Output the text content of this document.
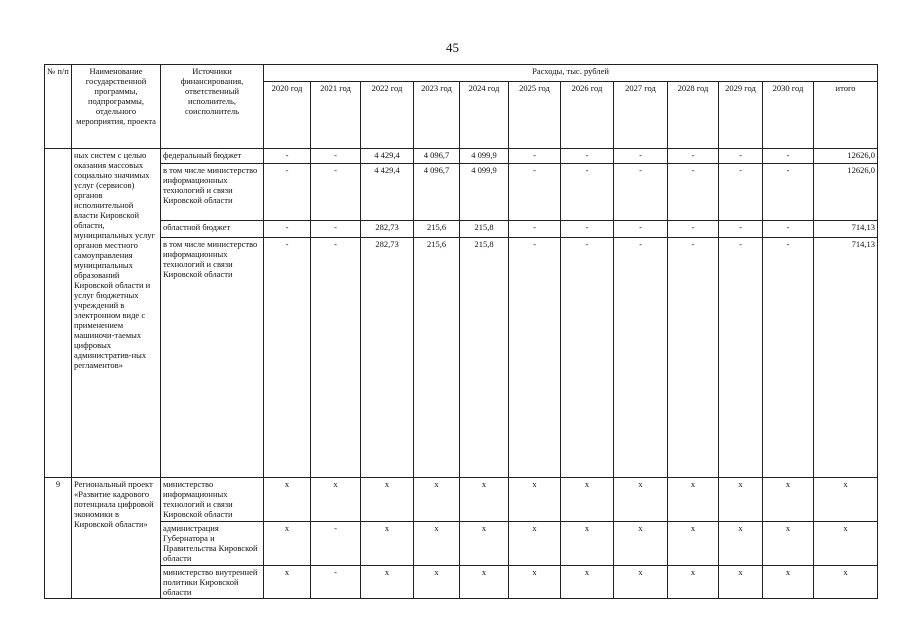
45
№ п/п	Наименование государственной программы, подпрограммы, отдельного мероприятия, проекта	Источники финансирования, ответственный исполнитель, соисполнитель	Расходы, тыс. рублей											
			2020 год	2021 год	2022 год	2023 год	2024 год	2025 год	2026 год	2027 год	2028 год	2029 год	2030 год	итого
	ных систем с целью оказания массовых социально значимых услуг (сервисов) органов исполнительной власти Кировской области, муниципальных услуг органов местного самоуправления муниципальных образований Кировской области и услуг бюджетных учреждений в электронном виде с применением машиночи-таемых цифровых административ-ных регламентов»	федеральный бюджет	-	-	4 429,4	4 096,7	4 099,9	-	-	-	-	-	-	12626,0
		в том числе министерство информационных технологий и связи Кировской области	-	-	4 429,4	4 096,7	4 099,9	-	-	-	-	-	-	12626,0
		областной бюджет	-	-	282,73	215,6	215,8	-	-	-	-	-	-	714,13
		в том числе министерство информационных технологий и связи Кировской области	-	-	282,73	215,6	215,8	-	-	-	-	-	-	714,13
9	Региональный проект «Развитие кадрового потенциала цифровой экономики в Кировской области»	министерство информационных технологий и связи Кировской области	x	x	x	x	x	x	x	x	x	x	x	x
		администрация Губернатора и Правительства Кировской области	x	-	x	x	x	x	x	x	x	x	x	x
		министерство внутренней политики Кировской области	x	-	x	x	x	x	x	x	x	x	x	x
